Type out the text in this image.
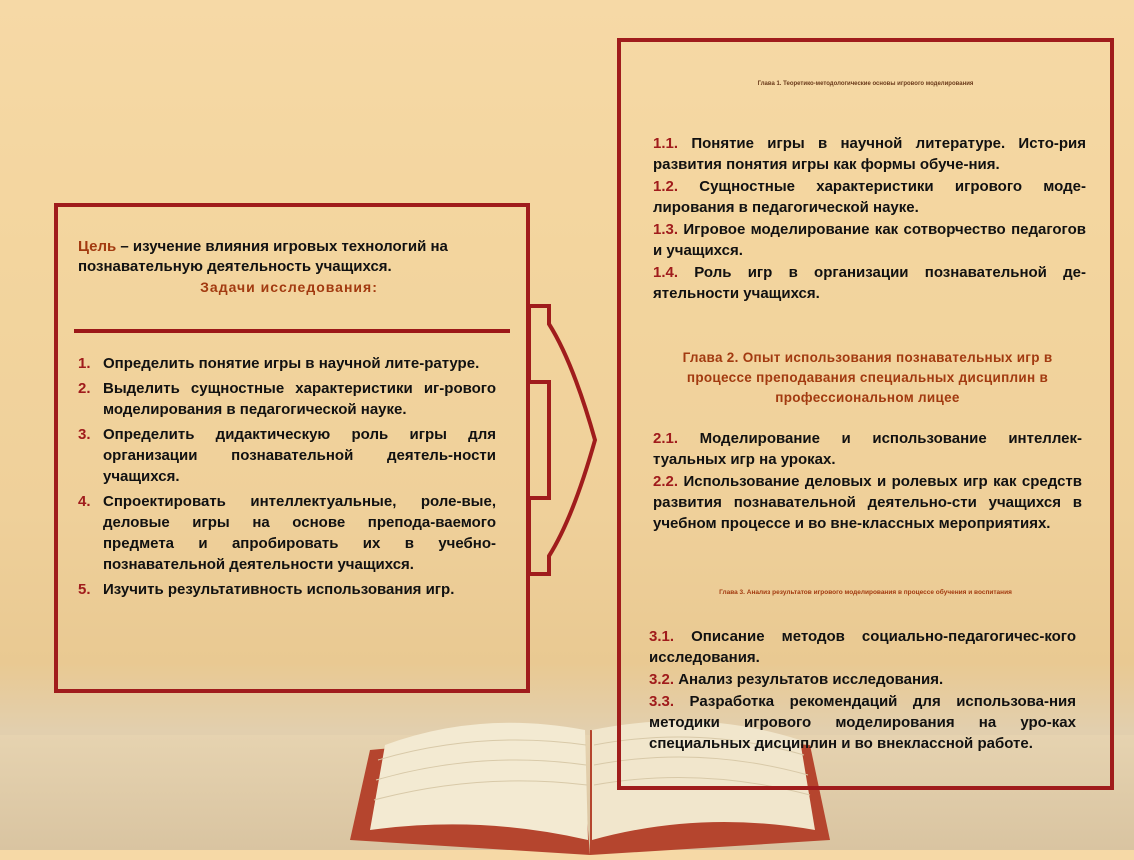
Цель – изучение влияния игровых технологий на познавательную деятельность учащихся.
Задачи исследования:
1. Определить понятие игры в научной лите-ратуре.
2. Выделить сущностные характеристики иг-рового моделирования в педагогической науке.
3. Определить дидактическую роль игры для организации познавательной деятель-ности учащихся.
4. Спроектировать интеллектуальные, роле-вые, деловые игры на основе препода-ваемого предмета и апробировать их в учебно-познавательной деятельности учащихся.
5. Изучить результативность использования игр.
Глава 1. Теоретико-методологические основы игрового моделирования
1.1. Понятие игры в научной литературе. Исто-рия развития понятия игры как формы обуче-ния.
1.2. Сущностные характеристики игрового моде-лирования в педагогической науке.
1.3. Игровое моделирование как сотворчество педагогов и учащихся.
1.4. Роль игр в организации познавательной де-ятельности учащихся.
Глава 2. Опыт использования познавательных игр в процессе преподавания специальных дисциплин в профессиональном лицее
2.1. Моделирование и использование интеллек-туальных игр на уроках.
2.2. Использование деловых и ролевых игр как средств развития познавательной деятельно-сти учащихся в учебном процессе и во вне-классных мероприятиях.
Глава 3. Анализ результатов игрового моделирования в процессе обучения и воспитания
3.1. Описание методов социально-педагогичес-кого исследования.
3.2. Анализ результатов исследования.
3.3. Разработка рекомендаций для использова-ния методики игрового моделирования на уро-ках специальных дисциплин и во внеклассной работе.
